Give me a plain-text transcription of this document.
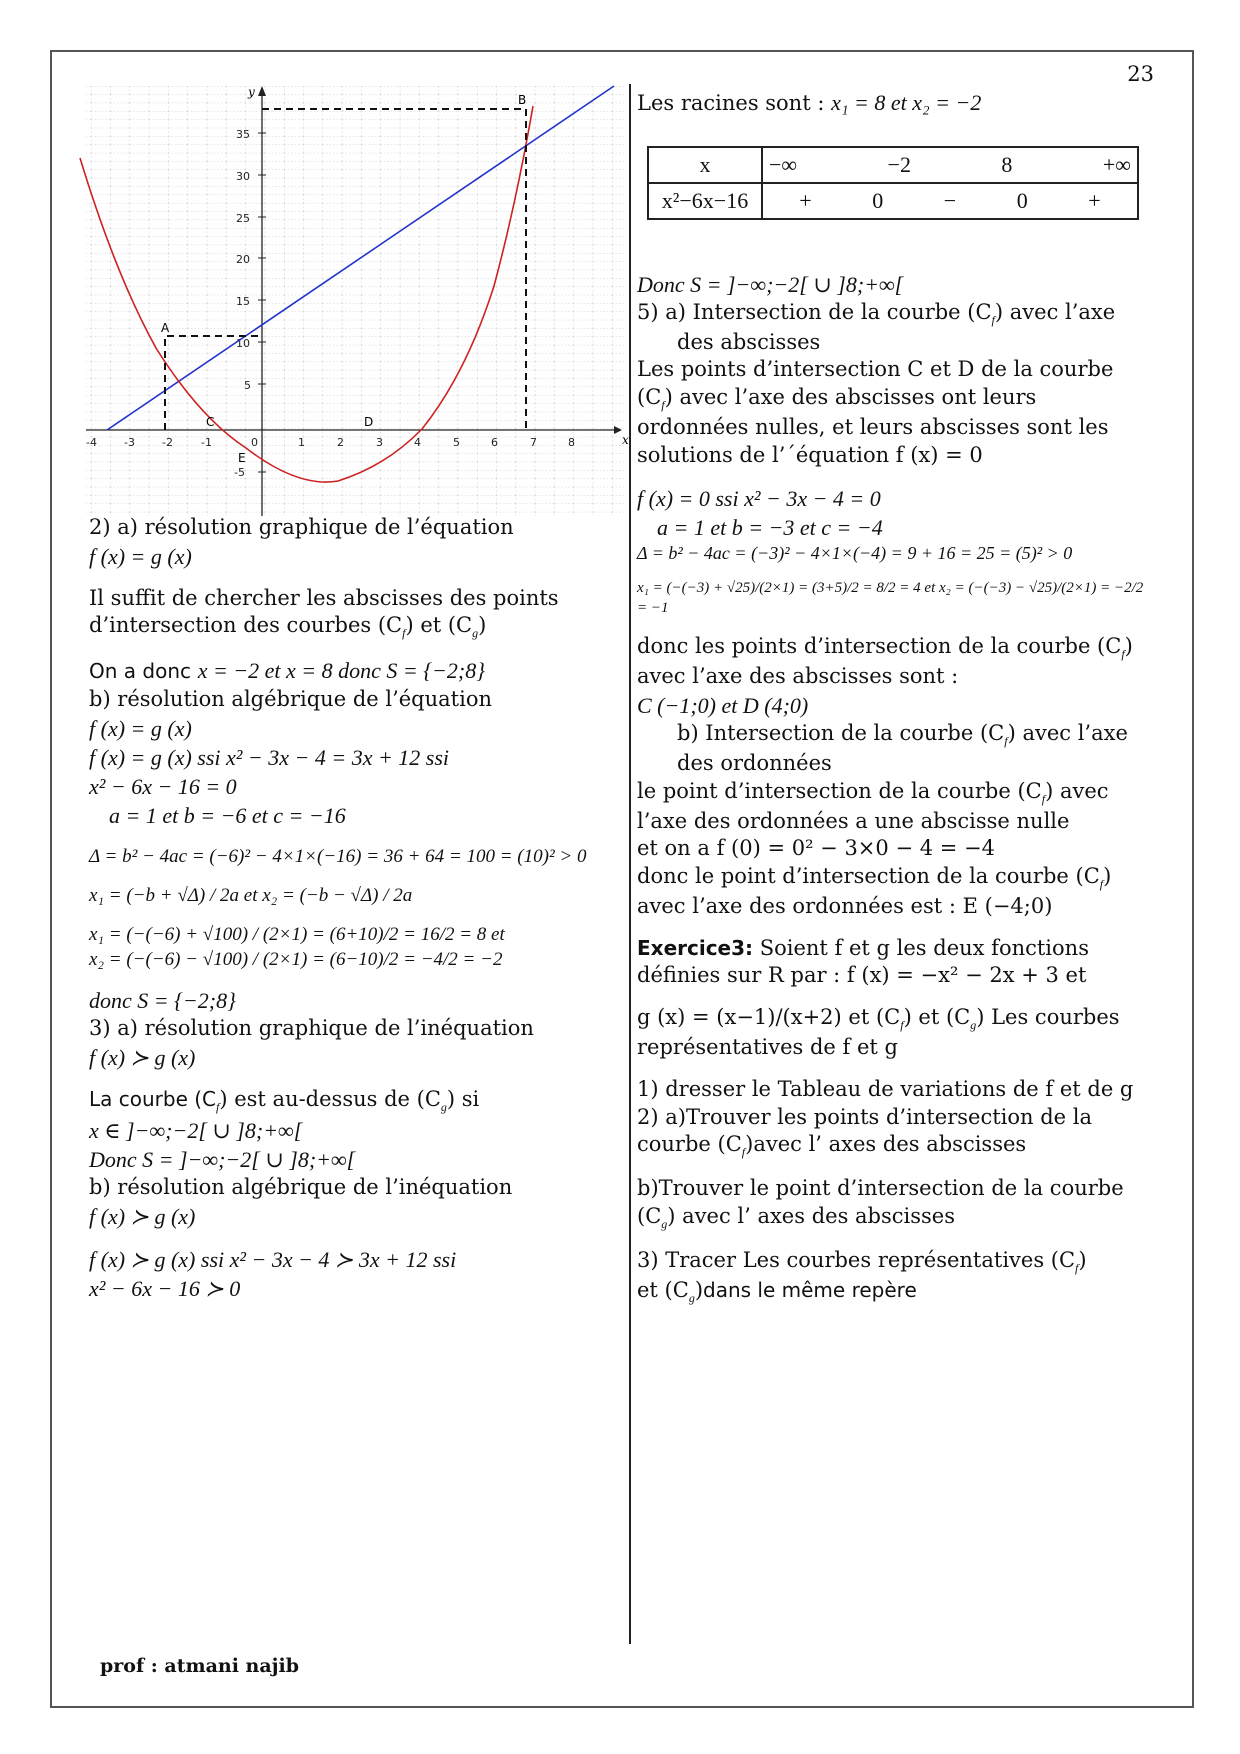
23
x
y
-4 -3 -2	-1	0	1	2	3	4	5	6	7	8
35
30
25
20
15
10
5
-5
A
B
C	D
E

2) a) résolution graphique de l’équation

f (x) = g (x)

Il suffit de chercher les abscisses des points

d’intersection des courbes $(C_f)$ et $(C_g)$

On a donc x = −2 et x = 8 donc S = {−2;8}

b) résolution algébrique de l’équation

f (x) = g (x)

f (x) = g (x) ssi x² − 3x − 4 = 3x + 12 ssi

x² − 6x − 16 = 0

a = 1 et b = −6 et c = −16

Δ = b² − 4ac = (−6)² − 4×1×(−16) = 36 + 64 = 100 = (10)² > 0

x₁ = (−b + √Δ) / 2a et x₂ = (−b − √Δ) / 2a

x₁ = (−(−6) + √100) / (2×1) = (6+10)/2 = 16/2 = 8 et

x₂ = (−(−6) − √100) / (2×1) = (6−10)/2 = −4/2 = −2

donc S = {−2;8}

3) a) résolution graphique de l’inéquation

f (x) ≻ g (x)

La courbe $(C_f)$ est au-dessus de $(C_g)$ si

x ∈ ]−∞;−2[ ∪ ]8;+∞[

Donc S = ]−∞;−2[ ∪ ]8;+∞[

b) résolution algébrique de l’inéquation

f (x) ≻ g (x)

f (x) ≻ g (x) ssi x² − 3x − 4 ≻ 3x + 12 ssi

x² − 6x − 16 ≻ 0

Les racines sont : x₁ = 8 et x₂ = −2

x	−∞ −2 8 +∞

x²−6x−16	+ 0 − 0 +

Donc S = ]−∞;−2[ ∪ ]8;+∞[

5) a) Intersection de la courbe $(C_f)$ avec l’axe

des abscisses

Les points d’intersection C et D de la courbe

$(C_f)$ avec l’axe des abscisses ont leurs

ordonnées nulles, et leurs abscisses sont les

solutions de l’´équation f (x) = 0

f (x) = 0 ssi x² − 3x − 4 = 0

a = 1 et b = −3 et c = −4

Δ = b² − 4ac = (−3)² − 4×1×(−4) = 9 + 16 = 25 = (5)² > 0

x₁ = (−(−3) + √25)/(2×1) = (3+5)/2 = 8/2 = 4 et x₂ = (−(−3) − √25)/(2×1) = −2/2 = −1

donc les points d’intersection de la courbe $(C_f)$

avec l’axe des abscisses sont :

C (−1;0) et D (4;0)

b) Intersection de la courbe $(C_f)$ avec l’axe

des ordonnées

le point d’intersection de la courbe $(C_f)$ avec

l’axe des ordonnées a une abscisse nulle

et on a f (0) = 0² − 3×0 − 4 = −4

donc le point d’intersection de la courbe $(C_f)$

avec l’axe des ordonnées est : E (−4;0)

Exercice3: Soient f et g les deux fonctions

définies sur R par : f (x) = −x² − 2x + 3 et

g (x) = (x−1)/(x+2) et $(C_f)$ et $(C_g)$ Les courbes

représentatives de f et g

1) dresser le Tableau de variations de f et de g

2) a)Trouver les points d’intersection de la

courbe $(C_f)avec$ l’ axes des abscisses

b)Trouver le point d’intersection de la courbe

$(C_g)$ avec l’ axes des abscisses

3) Tracer Les courbes représentatives $(C_f)$

et $(C_g)dans$ le même repère

prof : atmani najib
